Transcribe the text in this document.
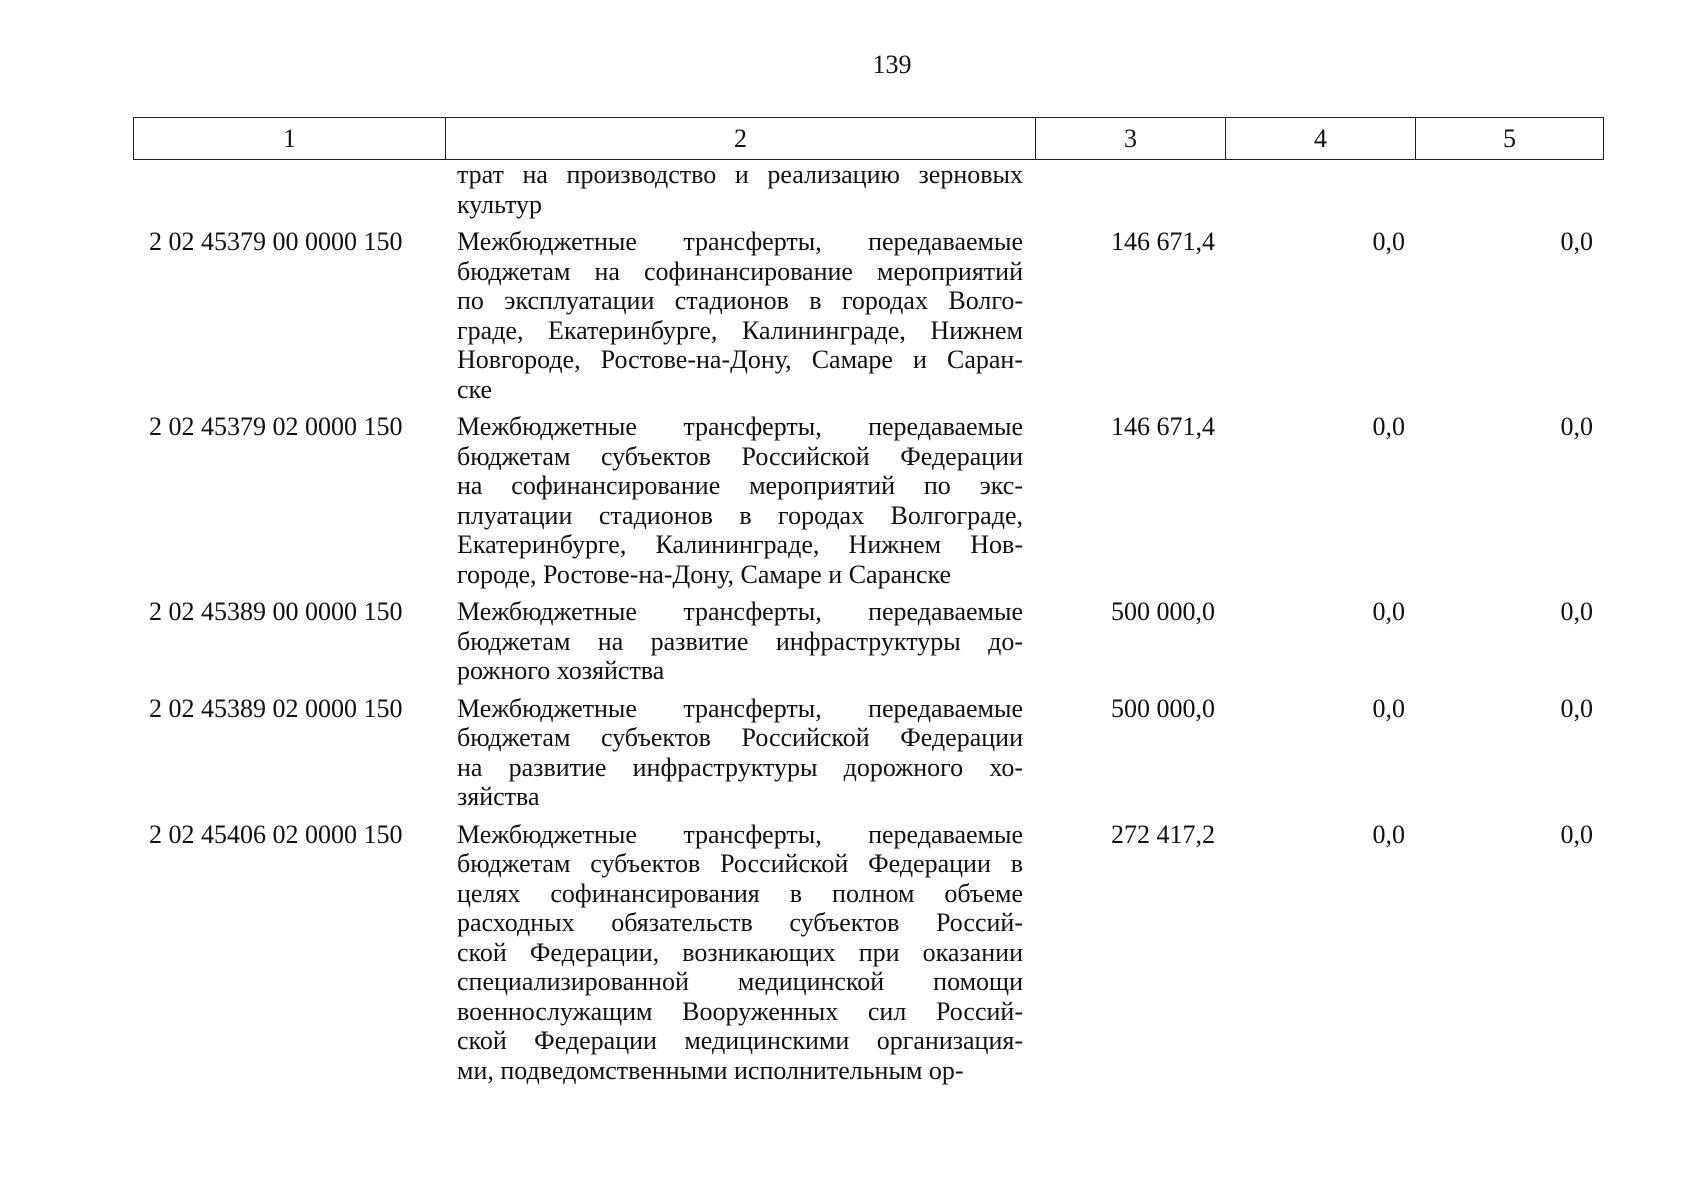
139
1	2	3	4	5
трат на производство и реализацию зерновых
культур
2 02 45379 00 0000 150	Межбюджетные трансферты, передаваемые
бюджетам на софинансирование мероприятий
по эксплуатации стадионов в городах Волго-
граде, Екатеринбурге, Калининграде, Нижнем
Новгороде, Ростове-на-Дону, Самаре и Саран-
ске
146 671,4	0,0	0,0
2 02 45379 02 0000 150	Межбюджетные трансферты, передаваемые
бюджетам субъектов Российской Федерации
на софинансирование мероприятий по экс-
плуатации стадионов в городах Волгограде,
Екатеринбурге, Калининграде, Нижнем Нов-
городе, Ростове-на-Дону, Самаре и Саранске
146 671,4	0,0	0,0
2 02 45389 00 0000 150	Межбюджетные трансферты, передаваемые
бюджетам на развитие инфраструктуры до-
рожного хозяйства
500 000,0	0,0	0,0
2 02 45389 02 0000 150	Межбюджетные трансферты, передаваемые
бюджетам субъектов Российской Федерации
на развитие инфраструктуры дорожного хо-
зяйства
500 000,0	0,0	0,0
2 02 45406 02 0000 150	Межбюджетные трансферты, передаваемые
бюджетам субъектов Российской Федерации в
целях софинансирования в полном объеме
расходных обязательств субъектов Россий-
ской Федерации, возникающих при оказании
специализированной медицинской помощи
военнослужащим Вооруженных сил Россий-
ской Федерации медицинскими организация-
ми, подведомственными исполнительным ор-
272 417,2	0,0	0,0
